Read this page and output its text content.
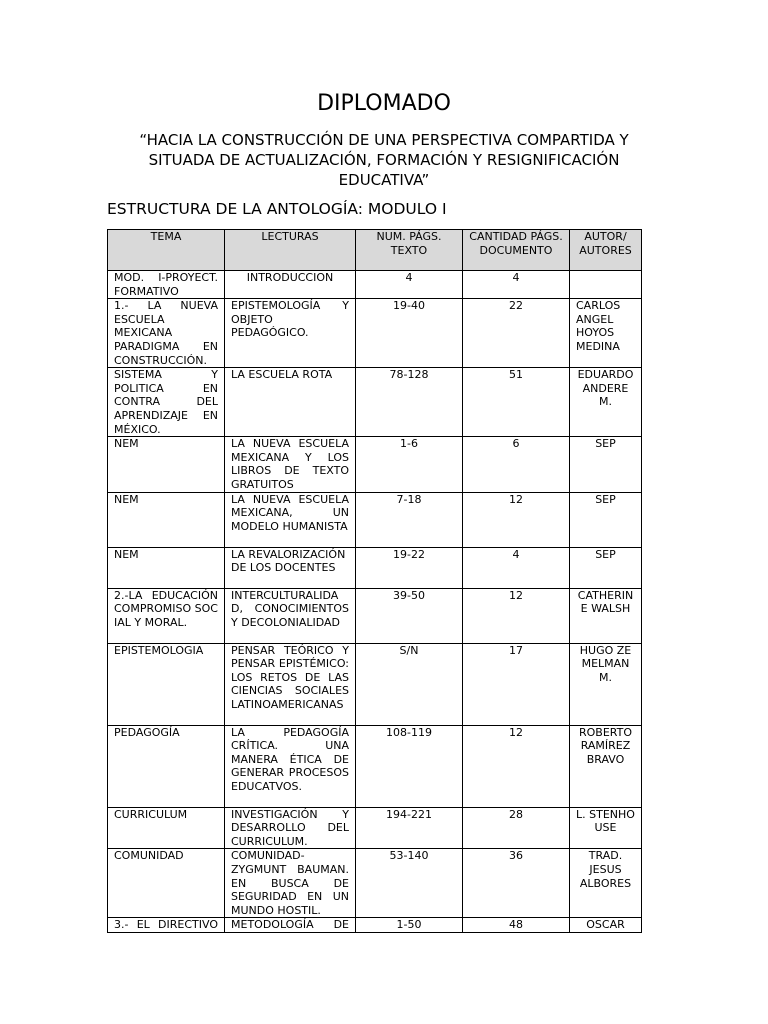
DIPLOMADO
“HACIA LA CONSTRUCCIÓN DE UNA PERSPECTIVA COMPARTIDA Y SITUADA DE ACTUALIZACIÓN, FORMACIÓN Y RESIGNIFICACIÓN EDUCATIVA”
ESTRUCTURA DE LA ANTOLOGÍA: MODULO I
TEMA	LECTURAS	NUM. PÁGS. TEXTO	CANTIDAD PÁGS. DOCUMENTO	AUTOR/ AUTORES
MOD. I-PROYECT. FORMATIVO	INTRODUCCION	4	4	
1.- LA NUEVA ESCUELA MEXICANA PARADIGMA EN CONSTRUCCIÓN.	EPISTEMOLOGÍA Y OBJETO PEDAGÓGICO.	19-40	22	CARLOS ANGEL HOYOS MEDINA
SISTEMA Y POLITICA EN CONTRA DEL APRENDIZAJE EN MÉXICO.	LA ESCUELA ROTA	78-128	51	EDUARDO ANDERE M.
NEM	LA NUEVA ESCUELA MEXICANA Y LOS LIBROS DE TEXTO GRATUITOS	1-6	6	SEP
NEM	LA NUEVA ESCUELA MEXICANA, UN MODELO HUMANISTA	7-18	12	SEP
NEM	LA REVALORIZACIÓN DE LOS DOCENTES	19-22	4	SEP
2.-LA EDUCACIÓNCOMPROMISO SOCIAL Y MORAL.	INTERCULTURALIDAD, CONOCIMIENTOS Y DECOLONIALIDAD	39-50	12	CATHERINE WALSH
EPISTEMOLOGIA	PENSAR TEÓRICO Y PENSAR EPISTÉMICO: LOS RETOS DE LAS CIENCIAS SOCIALES LATINOAMERICANAS	S/N	17	HUGO ZEMELMAN M.
PEDAGOGÍA	LA PEDAGOGÍA CRÍTICA. UNA MANERA ÉTICA DE GENERAR PROCESOS EDUCATVOS.	108-119	12	ROBERTO RAMÍREZ BRAVO
CURRICULUM	INVESTIGACIÓN Y DESARROLLO DEL CURRICULUM.	194-221	28	L. STENHOUSE
COMUNIDAD	COMUNIDAD-ZYGMUNT BAUMAN. EN BUSCA DE SEGURIDAD EN UN MUNDO HOSTIL.	53-140	36	TRAD. JESUS ALBORES
3.- EL DIRECTIVO	METODOLOGÍA DE	1-50	48	OSCAR
